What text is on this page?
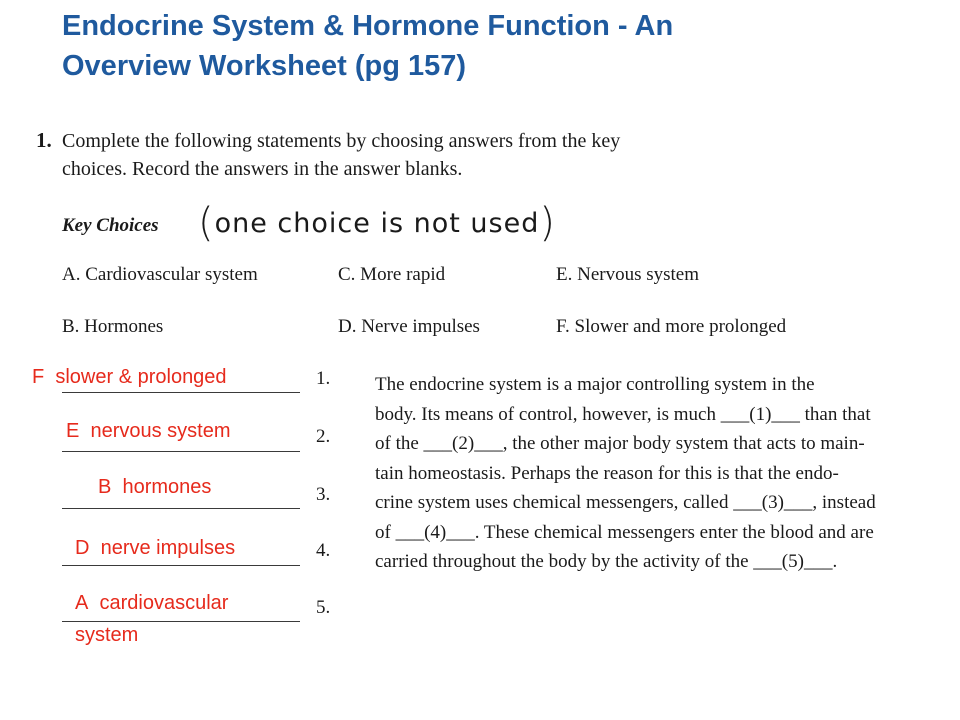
Endocrine System & Hormone Function - An
Overview Worksheet (pg 157)
1. Complete the following statements by choosing answers from the key
choices. Record the answers in the answer blanks.
Key Choices (one choice is not used)
A. Cardiovascular system
B. Hormones
C. More rapid
D. Nerve impulses
E. Nervous system
F. Slower and more prolonged
1.
2.
3.
4.
5.
F slower & prolonged
E nervous system
B hormones
D nerve impulses
A cardiovascular
system
The endocrine system is a major controlling system in the
body. Its means of control, however, is much ___(1)___ than that
of the ___(2)___, the other major body system that acts to main-
tain homeostasis. Perhaps the reason for this is that the endo-
crine system uses chemical messengers, called ___(3)___, instead
of ___(4)___. These chemical messengers enter the blood and are
carried throughout the body by the activity of the ___(5)___.
